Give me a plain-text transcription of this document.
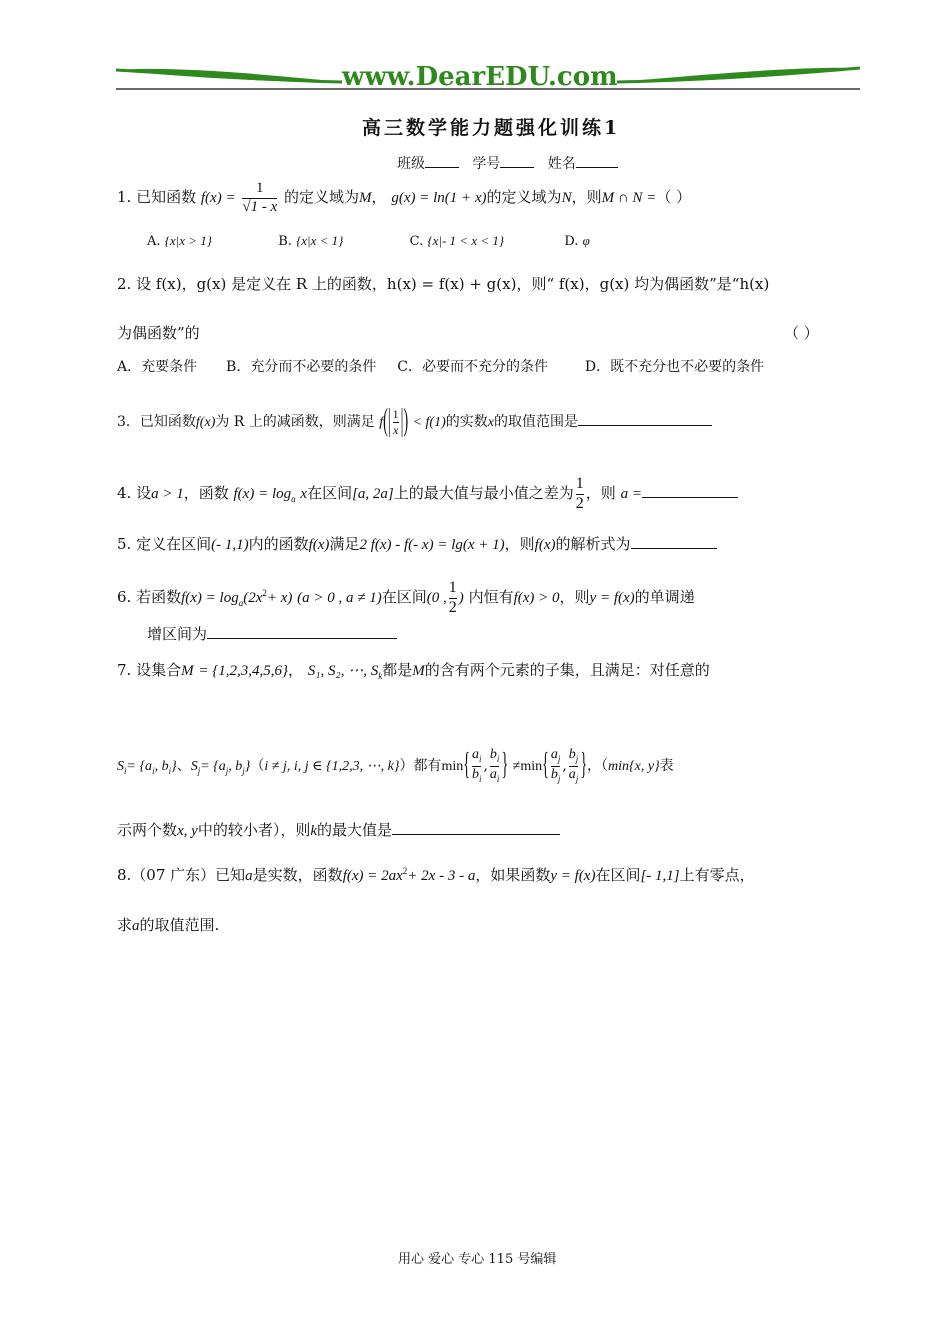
www.DearEDU.com
高三数学能力题强化训练1
班级	学号	姓名
1. 已知函数 $f(x) = \frac{1}{√1 - x}$ 的定义域为M， g(x) = ln(1 + x)的定义域为N，则M ∩ N =（ ）
A. {x|x > 1}	B. {x|x < 1}	C. {x|- 1 < x < 1}	D. φ
2. 设 f(x)，g(x) 是定义在 R 上的函数，h(x) = f(x) + g(x)，则“ f(x)，g(x) 均为偶函数”是“h(x)
为偶函数”的	（ ）
A．充要条件 B．充分而不必要的条件 C．必要而不充分的条件	D．既不充分也不必要的条件
3．已知函数f(x)为 R 上的减函数，则满足 $f(| \frac{1}{x}$ |) < f(1)的实数x的取值范围是
4. 设a > 1，函数 $f(x) = \log_a x$在区间[a, 2a]上的最大值与最小值之差为 $\frac{1}{2}$ ，则 a =
5. 定义在区间(- 1,1)内的函数f(x)满足2 f(x) - f(- x) = lg(x + 1)，则f(x)的解析式为
6. 若函数$f(x) = \log_a(2x^2+ x) (a > 0$ , a ≠ 1)在区间(0 , $\frac{1}{2}$ ) 内恒有f(x) > 0，则y = f(x)的单调递
增区间为
7. 设集合M = {1,2,3,4,5,6}， S₁, S₂, ⋯, $S_k$都是M的含有两个元素的子集，且满足：对任意的
$S_i= \{a_i$, $b_i$}、$S_j= \{a_j$, $b_j\}(i \ne j$, i, j ∈ {1,2,3, ⋯, k}）都有$\min\{ \frac{a_i}{b_i}$ , $\frac{b_i}{a_i}$ } $\ne\min\{ \frac{a_j}{b_j}$ , $\frac{b_j}{a_j}$ }，（min{x, y}表
示两个数x, y中的较小者），则k的最大值是
8.（07 广东）已知a是实数，函数$f(x) = 2ax^2+ 2x - 3 - a$，如果函数y = f(x)在区间[- 1,1]上有零点，
求a的取值范围.
用心 爱心 专心 115 号编辑
